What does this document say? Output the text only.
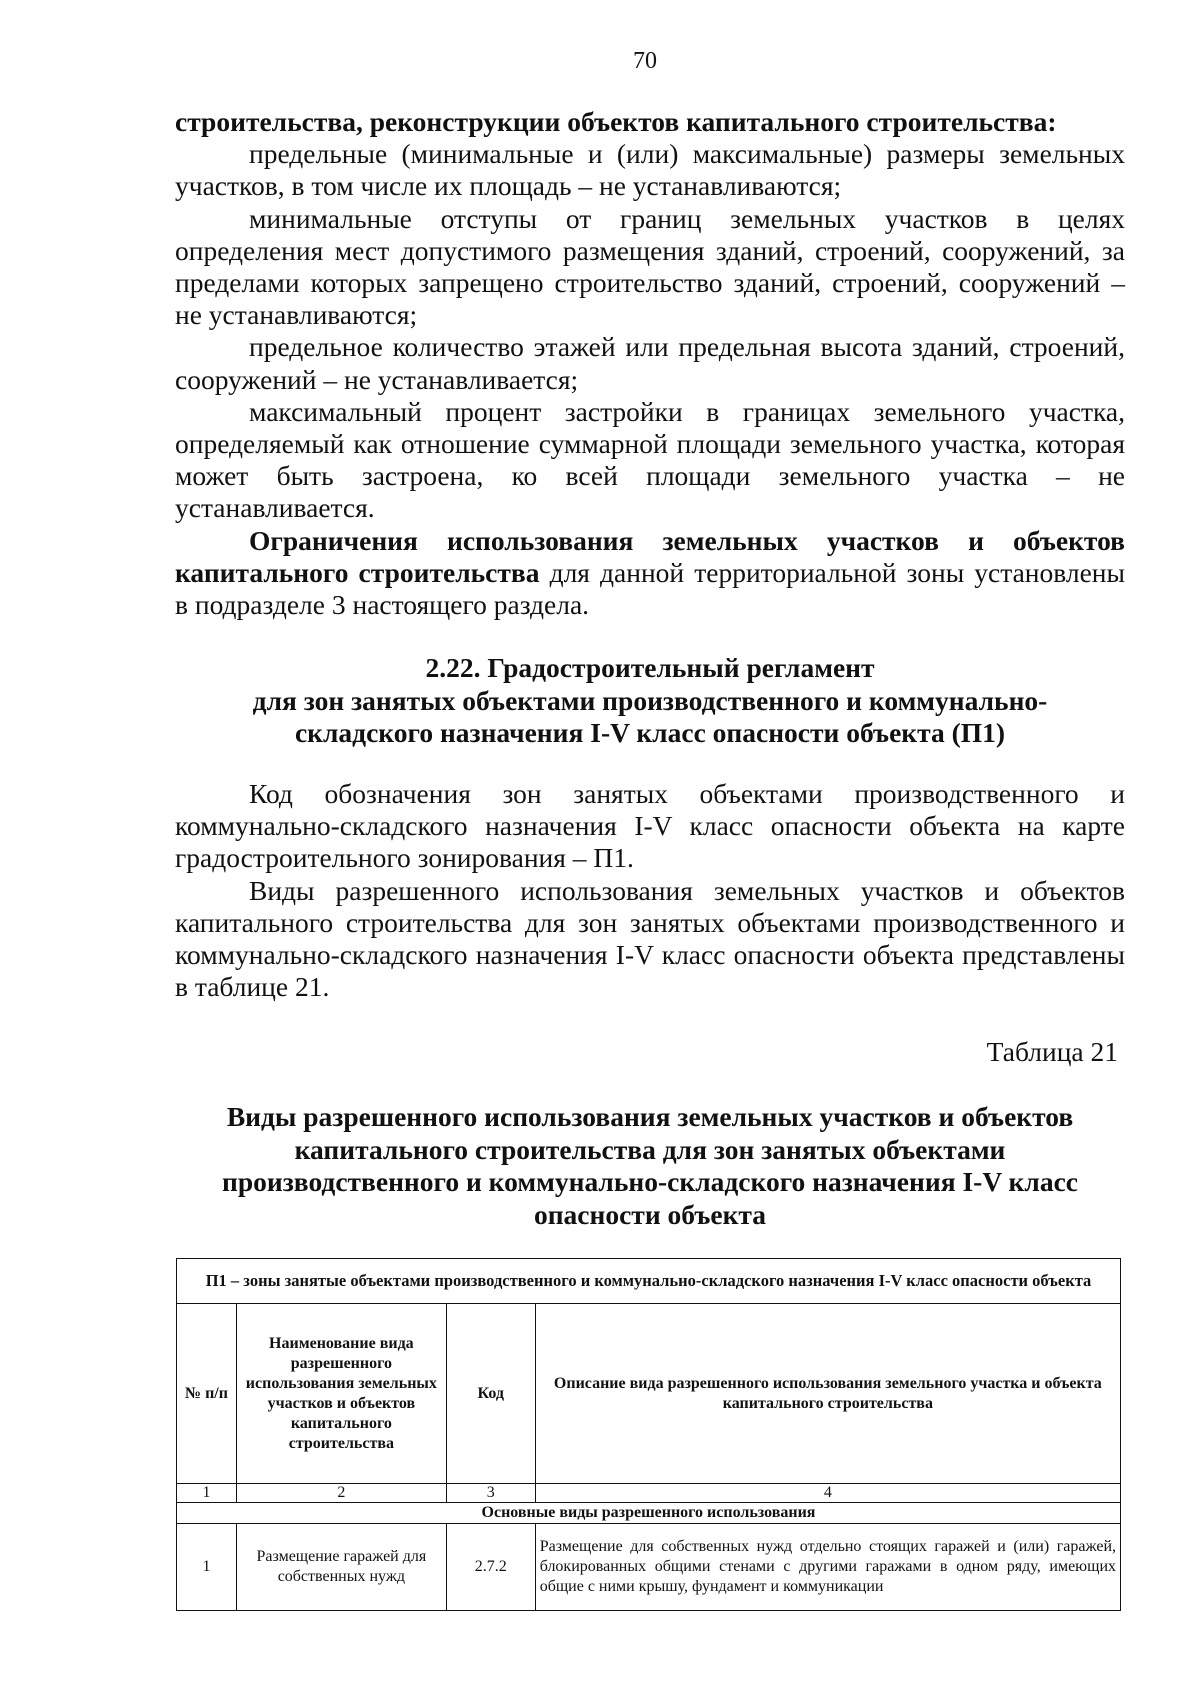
70

строительства, реконструкции объектов капитального строительства:

предельные (минимальные и (или) максимальные) размеры земельных участков, в том числе их площадь – не устанавливаются;

минимальные отступы от границ земельных участков в целях определения мест допустимого размещения зданий, строений, сооружений, за пределами которых запрещено строительство зданий, строений, сооружений – не устанавливаются;

предельное количество этажей или предельная высота зданий, строений, сооружений – не устанавливается;

максимальный процент застройки в границах земельного участка, определяемый как отношение суммарной площади земельного участка, которая может быть застроена, ко всей площади земельного участка – не устанавливается.

Ограничения использования земельных участков и объектов капитального строительства для данной территориальной зоны установлены в подразделе 3 настоящего раздела.

2.22. Градостроительный регламент

для зон занятых объектами производственного и коммунально-

складского назначения I-V класс опасности объекта (П1)

Код обозначения зон занятых объектами производственного и коммунально-складского назначения I-V класс опасности объекта на карте градостроительного зонирования – П1.

Виды разрешенного использования земельных участков и объектов капитального строительства для зон занятых объектами производственного и коммунально-складского назначения I-V класс опасности объекта представлены в таблице 21.

Таблица 21

Виды разрешенного использования земельных участков и объектов

капитального строительства для зон занятых объектами

производственного и коммунально-складского назначения I-V класс

опасности объекта

П1 – зоны занятые объектами производственного и коммунально-складского назначения I-V класс опасности объекта			
№ п/п	Наименование вида разрешенного использования земельных участков и объектов капитального строительства	Код	Описание вида разрешенного использования земельного участка и объекта капитального строительства
1	2	3	4
Основные виды разрешенного использования			
1	Размещение гаражей для собственных нужд	2.7.2	Размещение для собственных нужд отдельно стоящих гаражей и (или) гаражей, блокированных общими стенами с другими гаражами в одном ряду, имеющих общие с ними крышу, фундамент и коммуникации
